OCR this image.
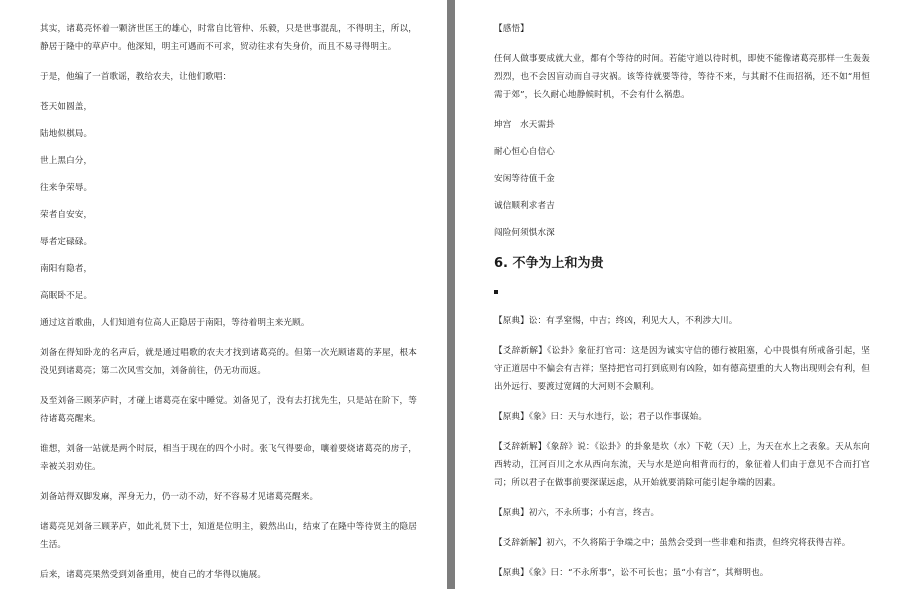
其实，诸葛亮怀着一颗济世匡王的雄心，时常自比管仲、乐毅，只是世事混乱，不得明主，所以，静居于隆中的草庐中。他深知，明主可遇而不可求，贸动往求有失身价，而且不易寻得明主。

于是，他编了一首歌谣，教给农夫，让他们歌唱：

苍天如圆盖，

陆地似棋局。

世上黑白分，

往来争荣辱。

荣者自安安，

辱者定碌碌。

南阳有隐者，

高眠卧不足。

通过这首歌曲，人们知道有位高人正隐居于南阳，等待着明主来光顾。

刘备在得知卧龙的名声后，就是通过唱歌的农夫才找到诸葛亮的。但第一次光顾诸葛的茅屋，根本没见到诸葛亮；第二次风雪交加，刘备前往，仍无功而返。

及至刘备三顾茅庐时，才碰上诸葛亮在家中睡觉。刘备见了，没有去打扰先生，只是站在阶下，等待诸葛亮醒来。

谁想，刘备一站就是两个时辰，相当于现在的四个小时。张飞气得要命，嚷着要烧诸葛亮的房子，幸被关羽劝住。

刘备站得双脚发麻，浑身无力，仍一动不动，好不容易才见诸葛亮醒来。

诸葛亮见刘备三顾茅庐，如此礼贤下士，知道是位明主，毅然出山，结束了在隆中等待贤主的隐居生活。

后来，诸葛亮果然受到刘备重用，使自己的才华得以施展。

【感悟】

任何人做事要成就大业，都有个等待的时间。若能守道以待时机，即使不能像诸葛亮那样一生轰轰烈烈，也不会因盲动而自寻灾祸。该等待就要等待，等待不来，与其耐不住而招祸，还不如“用恒需于郊”，长久耐心地静候时机，不会有什么祸患。

坤宫　水天需卦

耐心恒心自信心

安闲等待值千金

诚信顺利求者吉

闯险何须惧水深

6. 不争为上和为贵

【原典】讼：有孚窒惕，中吉；终凶，利见大人，不利涉大川。

【爻辞新解】《讼卦》象征打官司：这是因为诚实守信的德行被阻塞，心中畏惧有所戒备引起，坚守正道居中不偏会有吉祥；坚持把官司打到底则有凶险，如有德高望重的大人物出现则会有利，但出外远行、要渡过宽阔的大河则不会顺利。

【原典】《象》曰：天与水违行，讼；君子以作事谋始。

【爻辞新解】《象辞》说：《讼卦》的卦象是坎（水）下乾（天）上，为天在水上之表象。天从东向西转动，江河百川之水从西向东流，天与水是逆向相背而行的，象征着人们由于意见不合而打官司；所以君子在做事前要深谋远虑，从开始就要消除可能引起争端的因素。

【原典】初六，不永所事；小有言，终吉。

【爻辞新解】初六，不久将陷于争端之中；虽然会受到一些非难和指责，但终究将获得吉祥。

【原典】《象》曰：“不永所事”，讼不可长也；虽“小有言”，其辩明也。
